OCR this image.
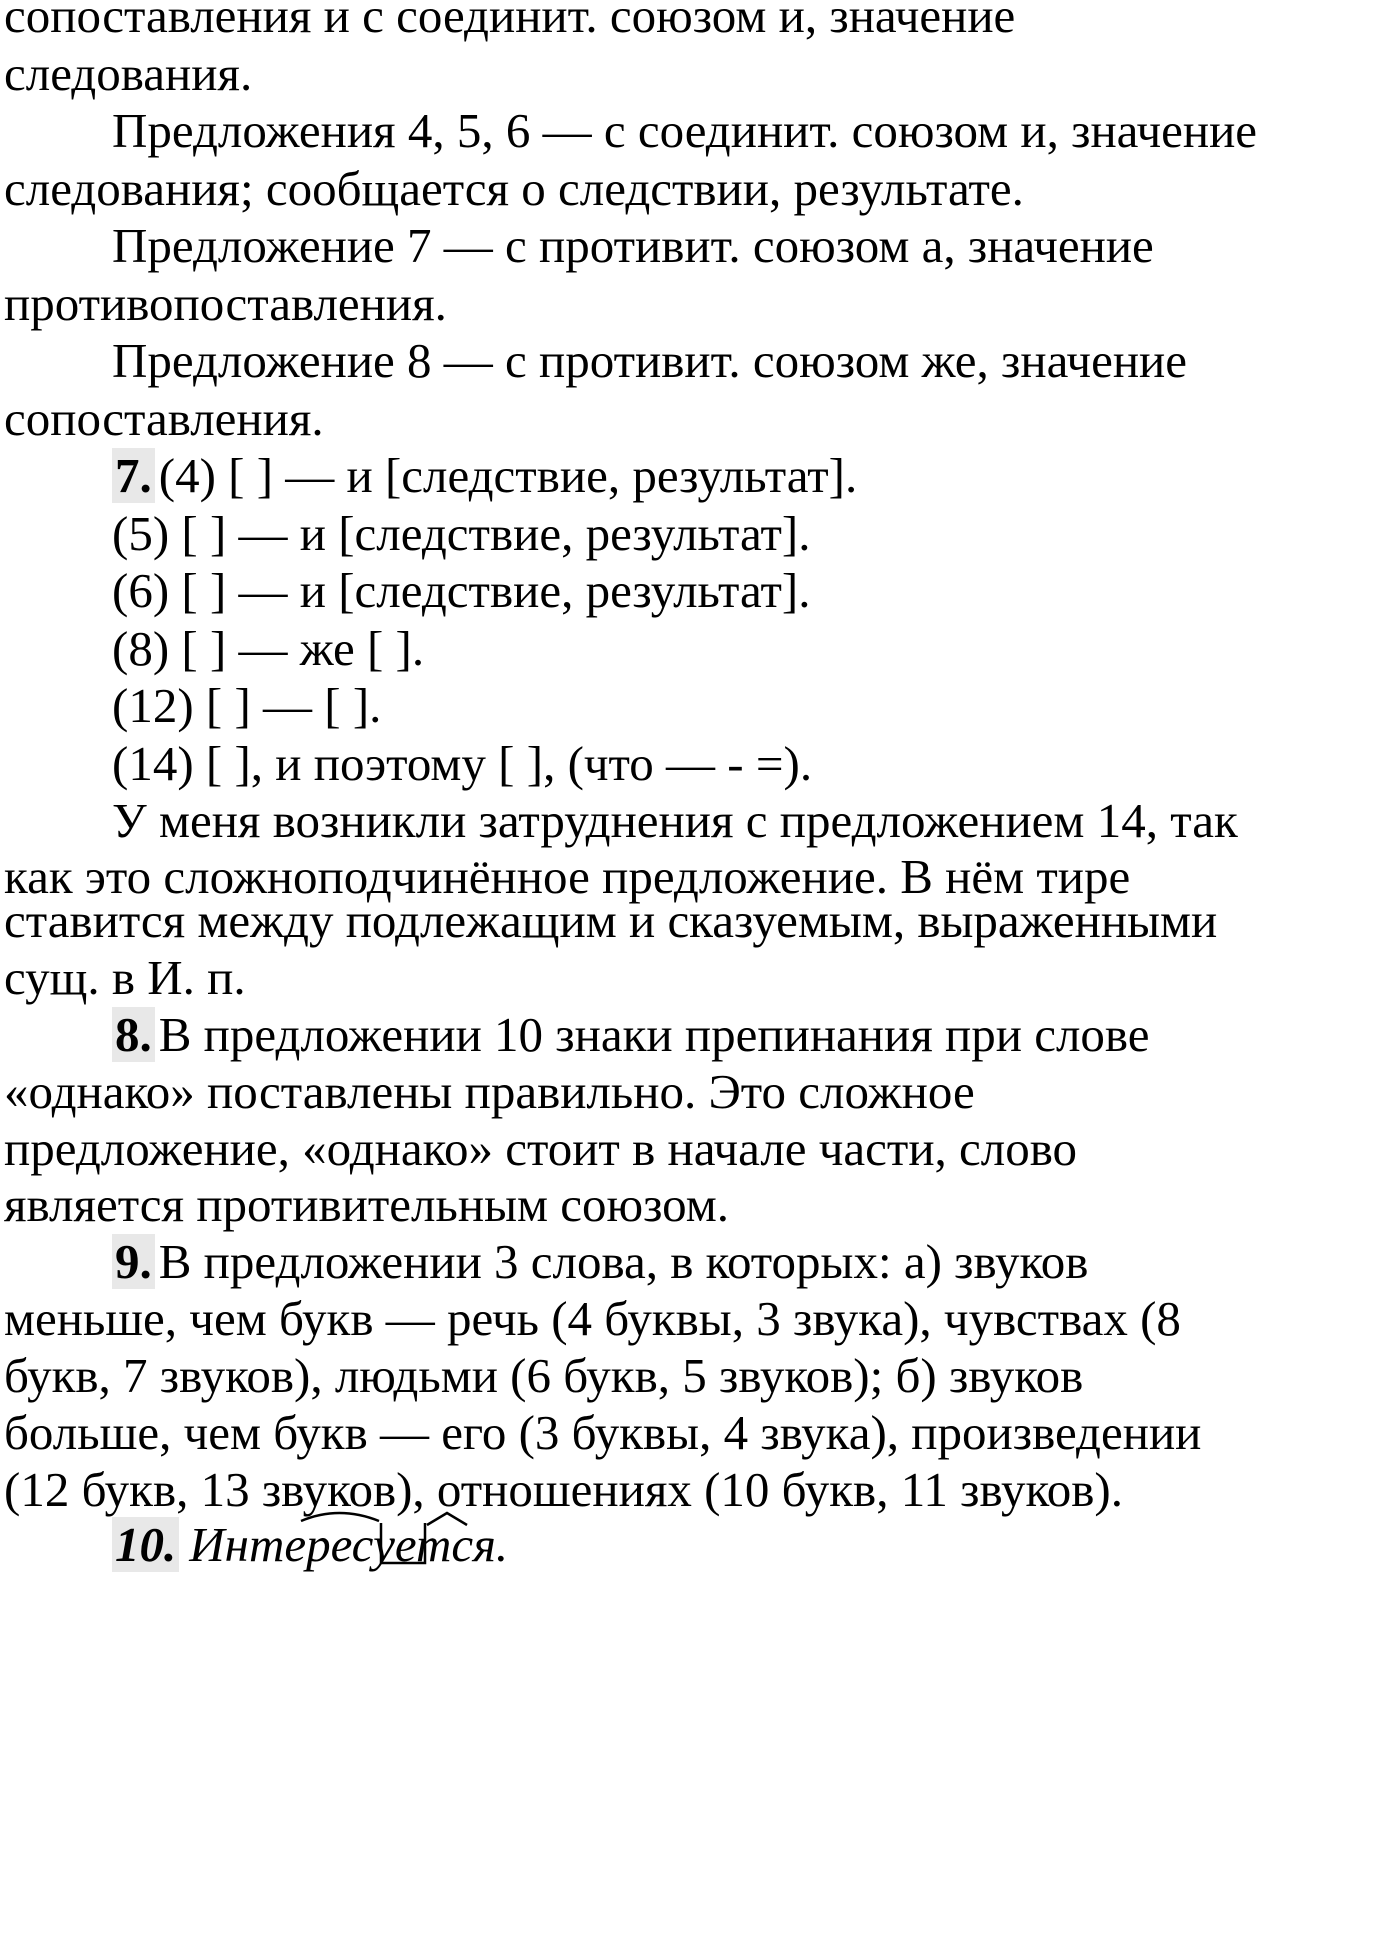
сопоставления и с соединит. союзом и, значение
следования.
Предложения 4, 5, 6 — с соединит. союзом и, значение
следования; сообщается о следствии, результате.
Предложение 7 — с противит. союзом а, значение
противопоставления.
Предложение 8 — с противит. союзом же, значение
сопоставления.
7. (4) [ ] — и [следствие, результат].
(5) [ ] — и [следствие, результат].
(6) [ ] — и [следствие, результат].
(8) [ ] — же [ ].
(12) [ ] — [ ].
(14) [ ], и поэтому [ ], (что — - =).
У меня возникли затруднения с предложением 14, так
как это сложноподчинённое предложение. В нём тире
ставится между подлежащим и сказуемым, выраженными
сущ. в И. п.
8. В предложении 10 знаки препинания при слове
«однако» поставлены правильно. Это сложное
предложение, «однако» стоит в начале части, слово
является противительным союзом.
9. В предложении 3 слова, в которых: а) звуков
меньше, чем букв — речь (4 буквы, 3 звука), чувствах (8
букв, 7 звуков), людьми (6 букв, 5 звуков); б) звуков
больше, чем букв — его (3 буквы, 4 звука), произведении
(12 букв, 13 звуков), отношениях (10 букв, 11 звуков).
10. Интересуется.
